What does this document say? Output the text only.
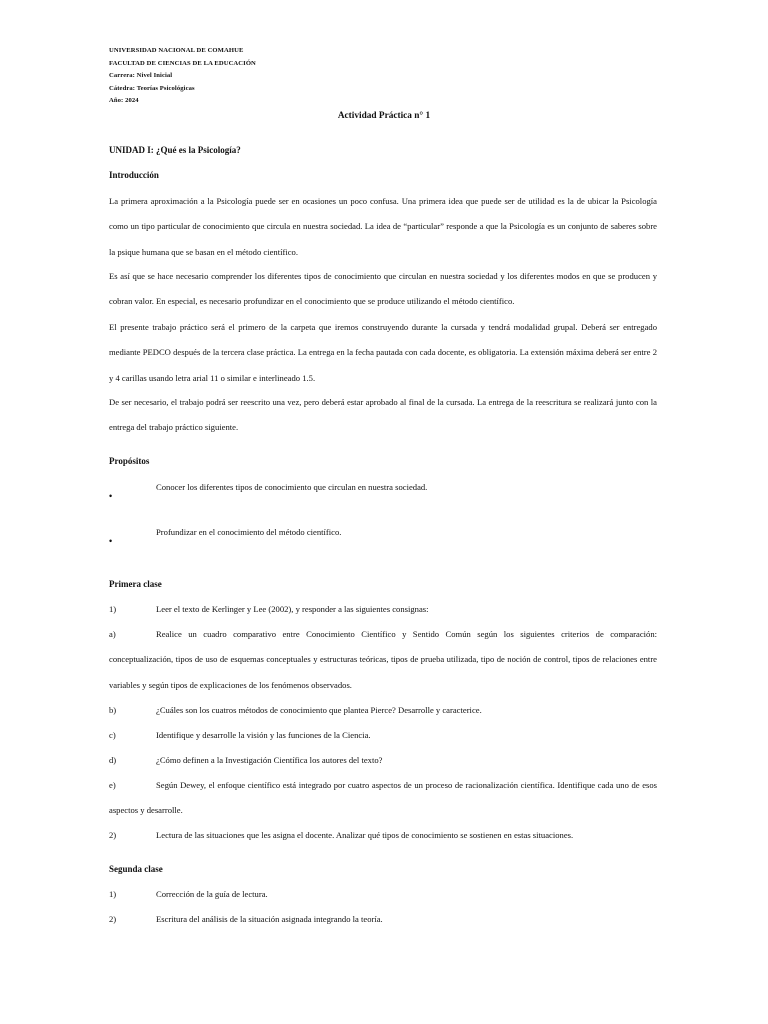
UNIVERSIDAD NACIONAL DE COMAHUE
FACULTAD DE CIENCIAS DE LA EDUCACIÓN
Carrera: Nivel Inicial
Cátedra: Teorías Psicológicas
Año: 2024
Actividad Práctica n° 1
UNIDAD I: ¿Qué es la Psicología?
Introducción
La primera aproximación a la Psicología puede ser en ocasiones un poco confusa. Una primera idea que puede ser de utilidad es la de ubicar la Psicología como un tipo particular de conocimiento que circula en nuestra sociedad. La idea de “particular” responde a que la Psicología es un conjunto de saberes sobre la psique humana que se basan en el método científico.
Es así que se hace necesario comprender los diferentes tipos de conocimiento que circulan en nuestra sociedad y los diferentes modos en que se producen y cobran valor. En especial, es necesario profundizar en el conocimiento que se produce utilizando el método científico.
El presente trabajo práctico será el primero de la carpeta que iremos construyendo durante la cursada y tendrá modalidad grupal. Deberá ser entregado mediante PEDCO después de la tercera clase práctica. La entrega en la fecha pautada con cada docente, es obligatoria. La extensión máxima deberá ser entre 2 y 4 carillas usando letra arial 11 o similar e interlineado 1.5.
De ser necesario, el trabajo podrá ser reescrito una vez, pero deberá estar aprobado al final de la cursada. La entrega de la reescritura se realizará junto con la entrega del trabajo práctico siguiente.
Propósitos
Conocer los diferentes tipos de conocimiento que circulan en nuestra sociedad.
•
Profundizar en el conocimiento del método científico.
•
Primera clase
1)	Leer el texto de Kerlinger y Lee (2002), y responder a las siguientes consignas:
a)	Realice un cuadro comparativo entre Conocimiento Científico y Sentido Común según los siguientes criterios de comparación: conceptualización, tipos de uso de esquemas conceptuales y estructuras teóricas, tipos de prueba utilizada, tipo de noción de control, tipos de relaciones entre variables y según tipos de explicaciones de los fenómenos observados.
b)	¿Cuáles son los cuatros métodos de conocimiento que plantea Pierce? Desarrolle y caracterice.
c)	Identifique y desarrolle la visión y las funciones de la Ciencia.
d)	¿Cómo definen a la Investigación Científica los autores del texto?
e)	Según Dewey, el enfoque científico está integrado por cuatro aspectos de un proceso de racionalización científica. Identifique cada uno de esos aspectos y desarrolle.
2)	Lectura de las situaciones que les asigna el docente. Analizar qué tipos de conocimiento se sostienen en estas situaciones.
Segunda clase
1)	Corrección de la guía de lectura.
2)	Escritura del análisis de la situación asignada integrando la teoría.
